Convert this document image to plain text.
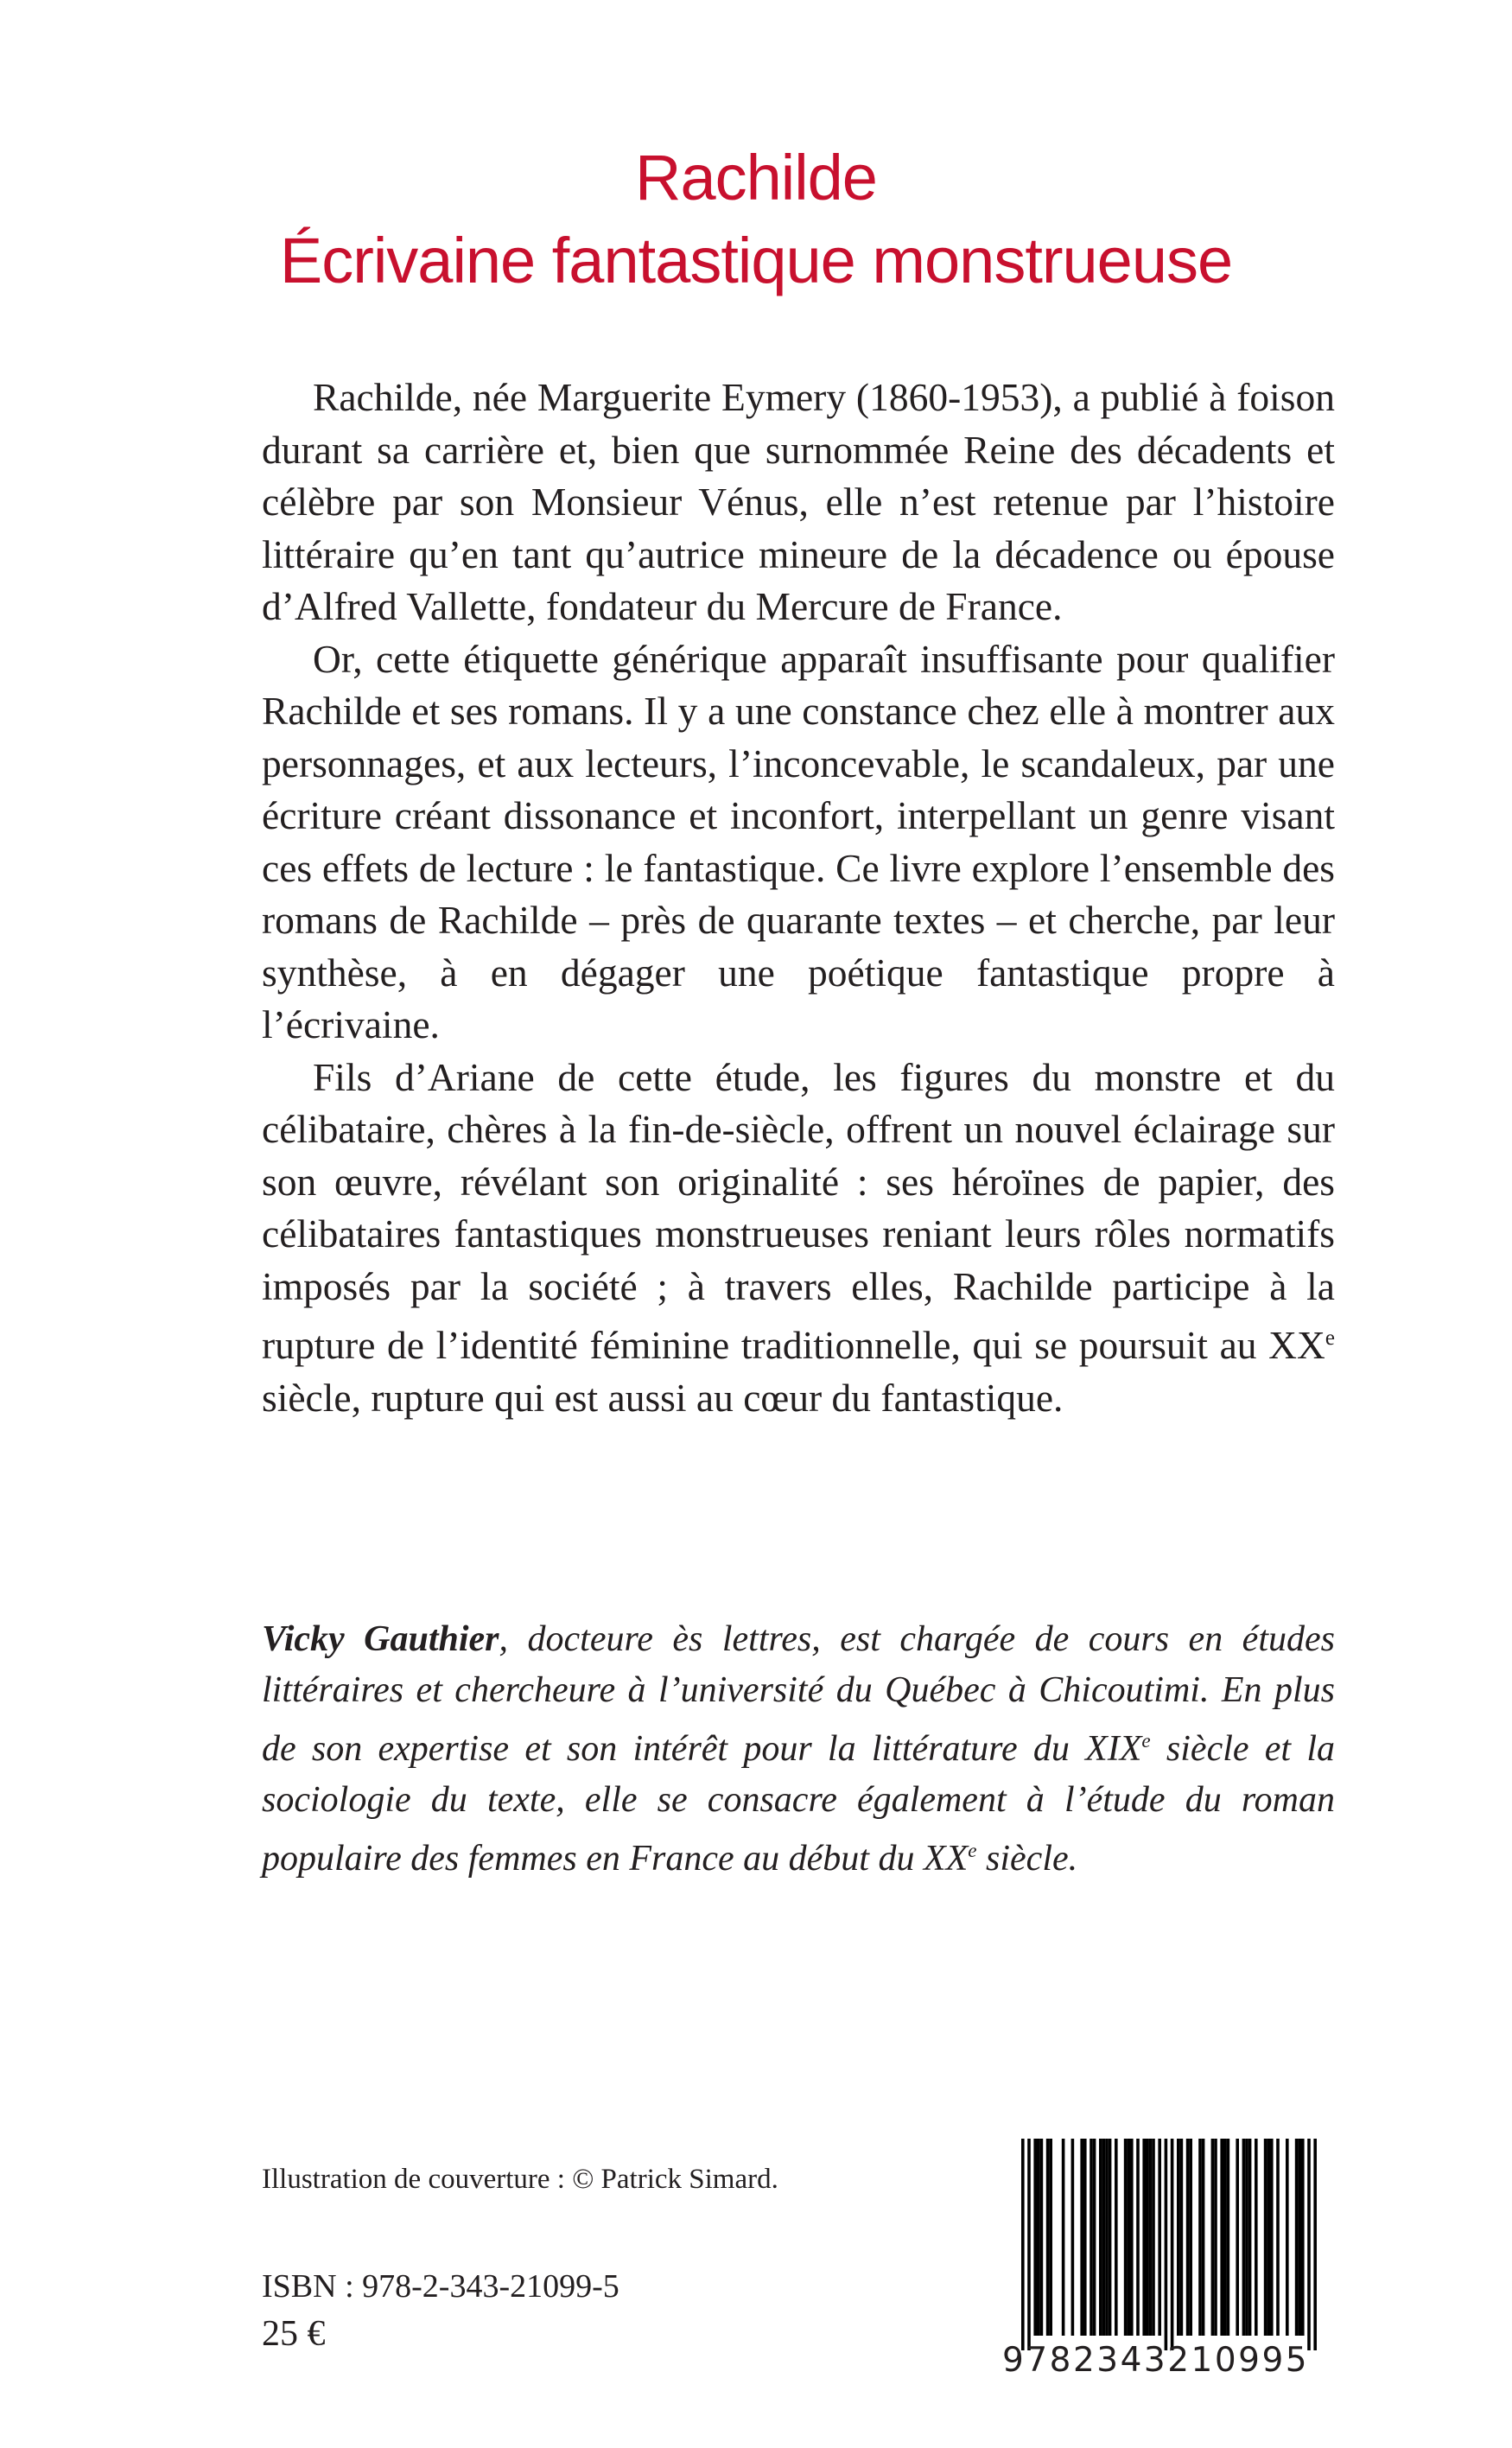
Rachilde
Écrivaine fantastique monstrueuse

Rachilde, née Marguerite Eymery (1860-1953), a publié à foison durant sa carrière et, bien que surnommée Reine des décadents et célèbre par son Monsieur Vénus, elle n’est retenue par l’histoire littéraire qu’en tant qu’autrice mineure de la décadence ou épouse d’Alfred Vallette, fondateur du Mercure de France.

Or, cette étiquette générique apparaît insuffisante pour qualifier Rachilde et ses romans. Il y a une constance chez elle à montrer aux personnages, et aux lecteurs, l’inconcevable, le scandaleux, par une écriture créant dissonance et inconfort, interpellant un genre visant ces effets de lecture : le fantastique. Ce livre explore l’ensemble des romans de Rachilde – près de quarante textes – et cherche, par leur synthèse, à en dégager une poétique fantastique propre à l’écrivaine.

Fils d’Ariane de cette étude, les figures du monstre et du célibataire, chères à la fin-de-siècle, offrent un nouvel éclairage sur son œuvre, révélant son originalité : ses héroïnes de papier, des célibataires fantastiques monstrueuses reniant leurs rôles normatifs imposés par la société ; à travers elles, Rachilde participe à la rupture de l’identité féminine traditionnelle, qui se poursuit au XXe siècle, rupture qui est aussi au cœur du fantastique.

Vicky Gauthier, docteure ès lettres, est chargée de cours en études littéraires et chercheure à l’université du Québec à Chicoutimi. En plus de son expertise et son intérêt pour la littérature du XIXe siècle et la sociologie du texte, elle se consacre également à l’étude du roman populaire des femmes en France au début du XXe siècle.
Illustration de couverture : © Patrick Simard.
ISBN : 978-2-343-21099-5
25 €
9782343210995
